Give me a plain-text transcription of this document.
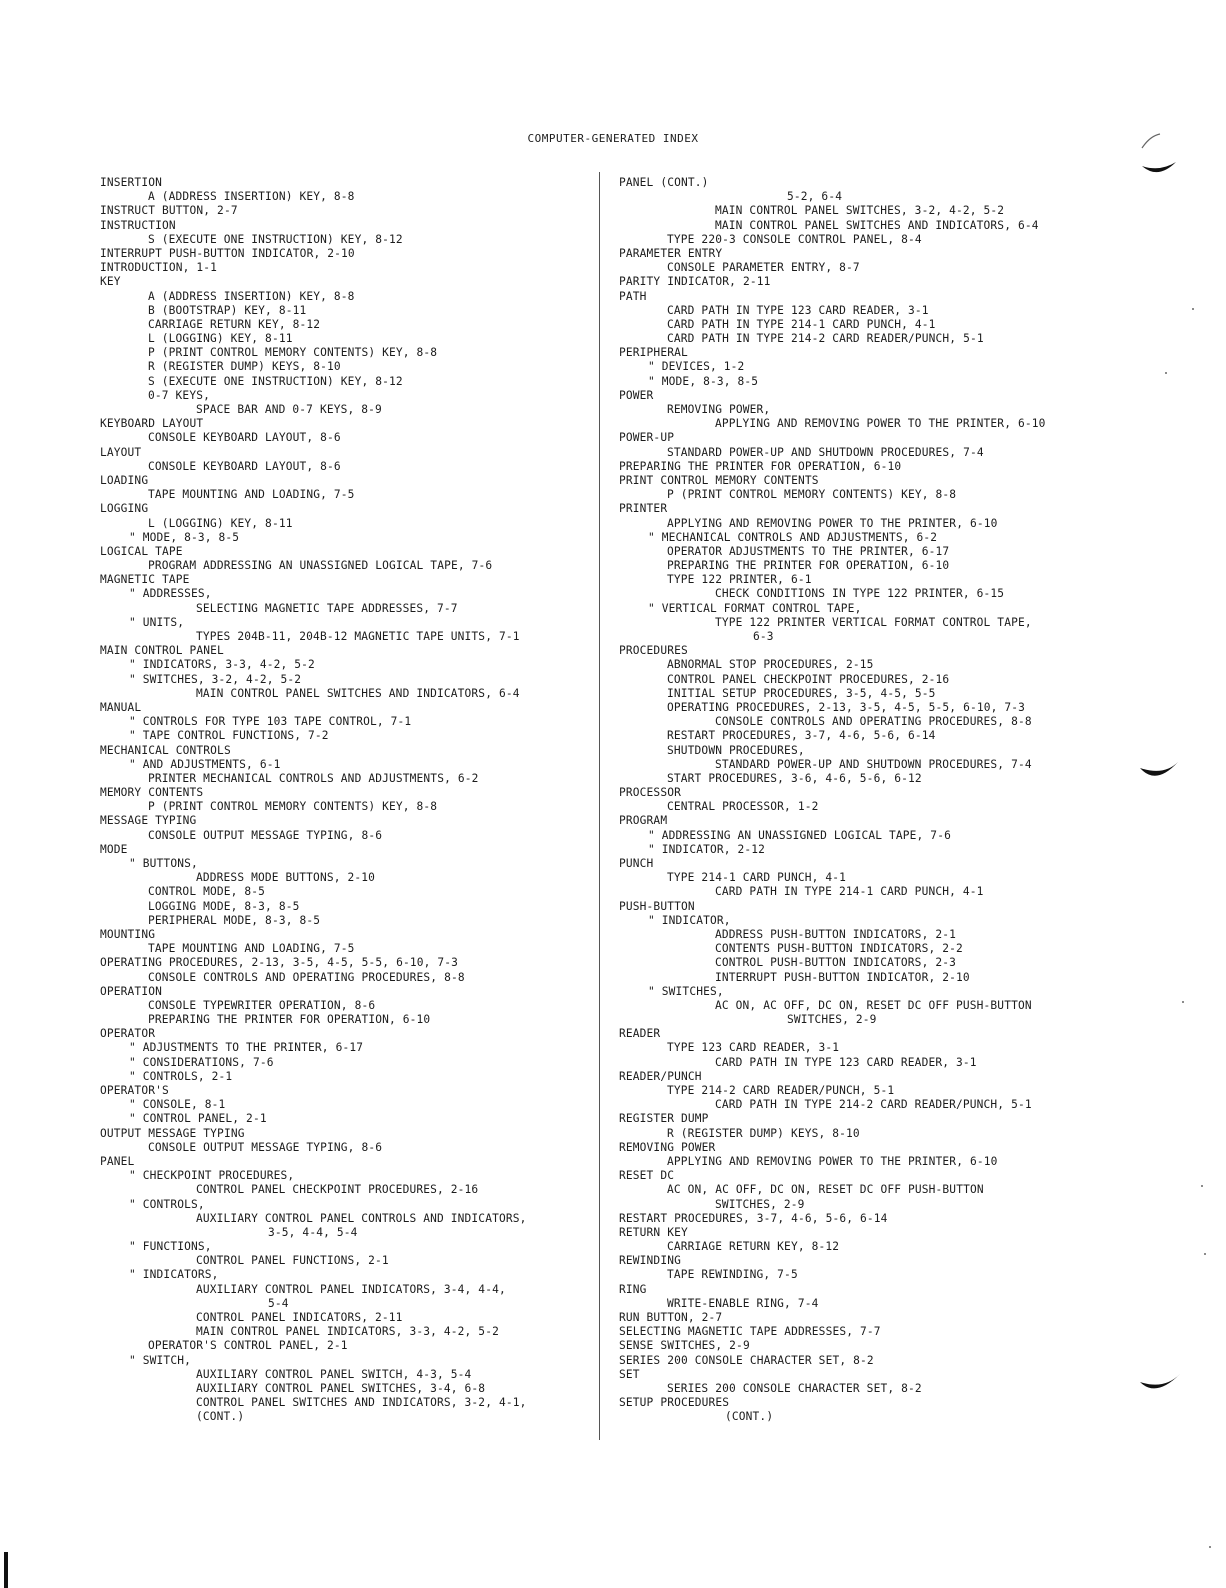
COMPUTER-GENERATED INDEX
INSERTION
A (ADDRESS INSERTION) KEY, 8-8
INSTRUCT BUTTON, 2-7
INSTRUCTION
S (EXECUTE ONE INSTRUCTION) KEY, 8-12
INTERRUPT PUSH-BUTTON INDICATOR, 2-10
INTRODUCTION, 1-1
KEY
A (ADDRESS INSERTION) KEY, 8-8
B (BOOTSTRAP) KEY, 8-11
CARRIAGE RETURN KEY, 8-12
L (LOGGING) KEY, 8-11
P (PRINT CONTROL MEMORY CONTENTS) KEY, 8-8
R (REGISTER DUMP) KEYS, 8-10
S (EXECUTE ONE INSTRUCTION) KEY, 8-12
0-7 KEYS,
SPACE BAR AND 0-7 KEYS, 8-9
KEYBOARD LAYOUT
CONSOLE KEYBOARD LAYOUT, 8-6
LAYOUT
CONSOLE KEYBOARD LAYOUT, 8-6
LOADING
TAPE MOUNTING AND LOADING, 7-5
LOGGING
L (LOGGING) KEY, 8-11
" MODE, 8-3, 8-5
LOGICAL TAPE
PROGRAM ADDRESSING AN UNASSIGNED LOGICAL TAPE, 7-6
MAGNETIC TAPE
" ADDRESSES,
SELECTING MAGNETIC TAPE ADDRESSES, 7-7
" UNITS,
TYPES 204B-11, 204B-12 MAGNETIC TAPE UNITS, 7-1
MAIN CONTROL PANEL
" INDICATORS, 3-3, 4-2, 5-2
" SWITCHES, 3-2, 4-2, 5-2
MAIN CONTROL PANEL SWITCHES AND INDICATORS, 6-4
MANUAL
" CONTROLS FOR TYPE 103 TAPE CONTROL, 7-1
" TAPE CONTROL FUNCTIONS, 7-2
MECHANICAL CONTROLS
" AND ADJUSTMENTS, 6-1
PRINTER MECHANICAL CONTROLS AND ADJUSTMENTS, 6-2
MEMORY CONTENTS
P (PRINT CONTROL MEMORY CONTENTS) KEY, 8-8
MESSAGE TYPING
CONSOLE OUTPUT MESSAGE TYPING, 8-6
MODE
" BUTTONS,
ADDRESS MODE BUTTONS, 2-10
CONTROL MODE, 8-5
LOGGING MODE, 8-3, 8-5
PERIPHERAL MODE, 8-3, 8-5
MOUNTING
TAPE MOUNTING AND LOADING, 7-5
OPERATING PROCEDURES, 2-13, 3-5, 4-5, 5-5, 6-10, 7-3
CONSOLE CONTROLS AND OPERATING PROCEDURES, 8-8
OPERATION
CONSOLE TYPEWRITER OPERATION, 8-6
PREPARING THE PRINTER FOR OPERATION, 6-10
OPERATOR
" ADJUSTMENTS TO THE PRINTER, 6-17
" CONSIDERATIONS, 7-6
" CONTROLS, 2-1
OPERATOR'S
" CONSOLE, 8-1
" CONTROL PANEL, 2-1
OUTPUT MESSAGE TYPING
CONSOLE OUTPUT MESSAGE TYPING, 8-6
PANEL
" CHECKPOINT PROCEDURES,
CONTROL PANEL CHECKPOINT PROCEDURES, 2-16
" CONTROLS,
AUXILIARY CONTROL PANEL CONTROLS AND INDICATORS,
3-5, 4-4, 5-4
" FUNCTIONS,
CONTROL PANEL FUNCTIONS, 2-1
" INDICATORS,
AUXILIARY CONTROL PANEL INDICATORS, 3-4, 4-4,
5-4
CONTROL PANEL INDICATORS, 2-11
MAIN CONTROL PANEL INDICATORS, 3-3, 4-2, 5-2
OPERATOR'S CONTROL PANEL, 2-1
" SWITCH,
AUXILIARY CONTROL PANEL SWITCH, 4-3, 5-4
AUXILIARY CONTROL PANEL SWITCHES, 3-4, 6-8
CONTROL PANEL SWITCHES AND INDICATORS, 3-2, 4-1,
(CONT.)
PANEL (CONT.)
5-2, 6-4
MAIN CONTROL PANEL SWITCHES, 3-2, 4-2, 5-2
MAIN CONTROL PANEL SWITCHES AND INDICATORS, 6-4
TYPE 220-3 CONSOLE CONTROL PANEL, 8-4
PARAMETER ENTRY
CONSOLE PARAMETER ENTRY, 8-7
PARITY INDICATOR, 2-11
PATH
CARD PATH IN TYPE 123 CARD READER, 3-1
CARD PATH IN TYPE 214-1 CARD PUNCH, 4-1
CARD PATH IN TYPE 214-2 CARD READER/PUNCH, 5-1
PERIPHERAL
" DEVICES, 1-2
" MODE, 8-3, 8-5
POWER
REMOVING POWER,
APPLYING AND REMOVING POWER TO THE PRINTER, 6-10
POWER-UP
STANDARD POWER-UP AND SHUTDOWN PROCEDURES, 7-4
PREPARING THE PRINTER FOR OPERATION, 6-10
PRINT CONTROL MEMORY CONTENTS
P (PRINT CONTROL MEMORY CONTENTS) KEY, 8-8
PRINTER
APPLYING AND REMOVING POWER TO THE PRINTER, 6-10
" MECHANICAL CONTROLS AND ADJUSTMENTS, 6-2
OPERATOR ADJUSTMENTS TO THE PRINTER, 6-17
PREPARING THE PRINTER FOR OPERATION, 6-10
TYPE 122 PRINTER, 6-1
CHECK CONDITIONS IN TYPE 122 PRINTER, 6-15
" VERTICAL FORMAT CONTROL TAPE,
TYPE 122 PRINTER VERTICAL FORMAT CONTROL TAPE,
6-3
PROCEDURES
ABNORMAL STOP PROCEDURES, 2-15
CONTROL PANEL CHECKPOINT PROCEDURES, 2-16
INITIAL SETUP PROCEDURES, 3-5, 4-5, 5-5
OPERATING PROCEDURES, 2-13, 3-5, 4-5, 5-5, 6-10, 7-3
CONSOLE CONTROLS AND OPERATING PROCEDURES, 8-8
RESTART PROCEDURES, 3-7, 4-6, 5-6, 6-14
SHUTDOWN PROCEDURES,
STANDARD POWER-UP AND SHUTDOWN PROCEDURES, 7-4
START PROCEDURES, 3-6, 4-6, 5-6, 6-12
PROCESSOR
CENTRAL PROCESSOR, 1-2
PROGRAM
" ADDRESSING AN UNASSIGNED LOGICAL TAPE, 7-6
" INDICATOR, 2-12
PUNCH
TYPE 214-1 CARD PUNCH, 4-1
CARD PATH IN TYPE 214-1 CARD PUNCH, 4-1
PUSH-BUTTON
" INDICATOR,
ADDRESS PUSH-BUTTON INDICATORS, 2-1
CONTENTS PUSH-BUTTON INDICATORS, 2-2
CONTROL PUSH-BUTTON INDICATORS, 2-3
INTERRUPT PUSH-BUTTON INDICATOR, 2-10
" SWITCHES,
AC ON, AC OFF, DC ON, RESET DC OFF PUSH-BUTTON
SWITCHES, 2-9
READER
TYPE 123 CARD READER, 3-1
CARD PATH IN TYPE 123 CARD READER, 3-1
READER/PUNCH
TYPE 214-2 CARD READER/PUNCH, 5-1
CARD PATH IN TYPE 214-2 CARD READER/PUNCH, 5-1
REGISTER DUMP
R (REGISTER DUMP) KEYS, 8-10
REMOVING POWER
APPLYING AND REMOVING POWER TO THE PRINTER, 6-10
RESET DC
AC ON, AC OFF, DC ON, RESET DC OFF PUSH-BUTTON
SWITCHES, 2-9
RESTART PROCEDURES, 3-7, 4-6, 5-6, 6-14
RETURN KEY
CARRIAGE RETURN KEY, 8-12
REWINDING
TAPE REWINDING, 7-5
RING
WRITE-ENABLE RING, 7-4
RUN BUTTON, 2-7
SELECTING MAGNETIC TAPE ADDRESSES, 7-7
SENSE SWITCHES, 2-9
SERIES 200 CONSOLE CHARACTER SET, 8-2
SET
SERIES 200 CONSOLE CHARACTER SET, 8-2
SETUP PROCEDURES
(CONT.)
